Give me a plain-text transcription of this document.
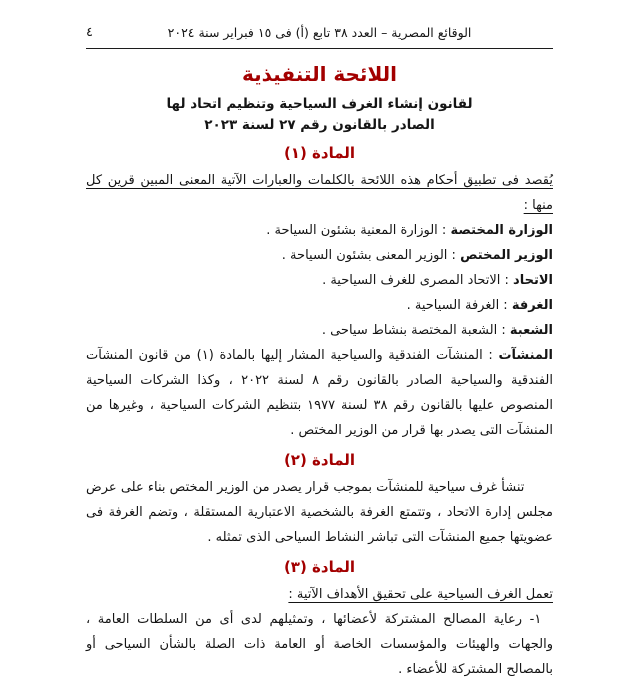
الوقائع المصرية – العدد ٣٨ تابع (أ) فى ١٥ فبراير سنة ٢٠٢٤
٤
اللائحة التنفيذية
لقانون إنشاء الغرف السياحية وتنظيم اتحاد لها
الصادر بالقانون رقم ٢٧ لسنة ٢٠٢٣
المادة (١)

يُقصد فى تطبيق أحكام هذه اللائحة بالكلمات والعبارات الآتية المعنى المبين قرين كل منها :

الوزارة المختصة : الوزارة المعنية بشئون السياحة .

الوزير المختص : الوزير المعنى بشئون السياحة .

الاتحاد : الاتحاد المصرى للغرف السياحية .

الغرفة : الغرفة السياحية .

الشعبة : الشعبة المختصة بنشاط سياحى .

المنشآت : المنشآت الفندقية والسياحية المشار إليها بالمادة (١) من قانون المنشآت الفندقية والسياحية الصادر بالقانون رقم ٨ لسنة ٢٠٢٢ ، وكذا الشركات السياحية المنصوص عليها بالقانون رقم ٣٨ لسنة ١٩٧٧ بتنظيم الشركات السياحية ، وغيرها من المنشآت التى يصدر بها قرار من الوزير المختص .

المادة (٢)

تنشأ غرف سياحية للمنشآت بموجب قرار يصدر من الوزير المختص بناء على عرض مجلس إدارة الاتحاد ، وتتمتع الغرفة بالشخصية الاعتبارية المستقلة ، وتضم الغرفة فى عضويتها جميع المنشآت التى تباشر النشاط السياحى الذى تمثله .

المادة (٣)

تعمل الغرف السياحية على تحقيق الأهداف الآتية :

١- رعاية المصالح المشتركة لأعضائها ، وتمثيلهم لدى أى من السلطات العامة ، والجهات والهيئات والمؤسسات الخاصة أو العامة ذات الصلة بالشأن السياحى أو بالمصالح المشتركة للأعضاء .
